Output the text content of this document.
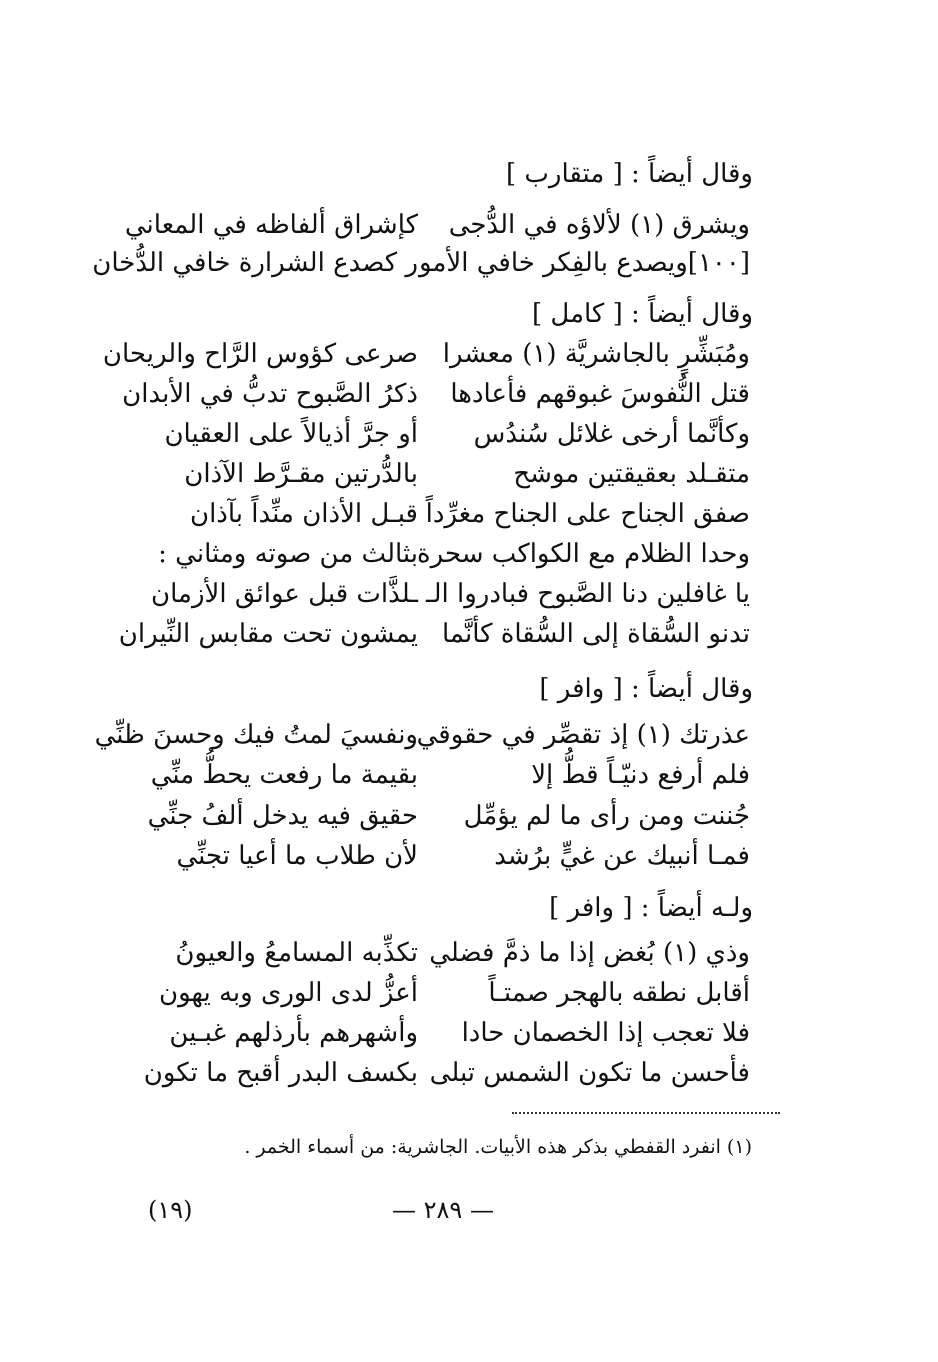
وقال أيضاً : [ متقارب ]
ويشرق (١) لألاؤه في الدُّجى
كإشراق ألفاظه في المعاني
[١٠٠]ويصدع بالفِكر خافي الأمو
ر كصدع الشرارة خافي الدُّخان
وقال أيضاً : [ كامل ]
ومُبَشِّرٍ بالجاشريَّة (١) معشرا
صرعى كؤوس الرَّاح والريحان
قتل النُّفوسَ غبوقهم فأعادها
ذكرُ الصَّبوح تدبُّ في الأبدان
وكأنَّما أرخى غلائل سُندُس
أو جرَّ أذيالاً على العقيان
متقـلد بعقيقتين موشح
بالدُّرتين مقـرَّط الآذان
صفق الجناح على الجناح مغرِّداً
قبـل الأذان منِّداً بآذان
وحدا الظلام مع الكواكب سحرة
بثالث من صوته ومثاني :
يا غافلين دنا الصَّبوح فبادروا الـ
ـلذَّات قبل عوائق الأزمان
تدنو السُّقاة إلى السُّقاة كأنَّما
يمشون تحت مقابس النِّيران
وقال أيضاً : [ وافر ]
عذرتك (١) إذ تقصِّر في حقوقي
ونفسيَ لمتُ فيك وحسنَ ظنِّي
فلم أرفع دنيّـاً قطُّ إلا
بقيمة ما رفعت يحطُّ منِّي
جُننت ومن رأى ما لم يؤمِّل
حقيق فيه يدخل ألفُ جنِّي
فمـا أنبيك عن غيٍّ برُشد
لأن طلاب ما أعيا تجنِّي
ولـه أيضاً : [ وافر ]
وذي (١) بُغض إذا ما ذمَّ فضلي
تكذِّبه المسامعُ والعيونُ
أقابل نطقه بالهجر صمتـاً
أعزُّ لدى الورى وبه يهون
فلا تعجب إذا الخصمان حادا
وأشهرهم بأرذلهم غبـين
فأحسن ما تكون الشمس تبلى
بكسف البدر أقبح ما تكون
(١) انفرد القفطي بذكر هذه الأبيات. الجاشرية: من أسماء الخمر .
— ٢٨٩ —
(١٩)
